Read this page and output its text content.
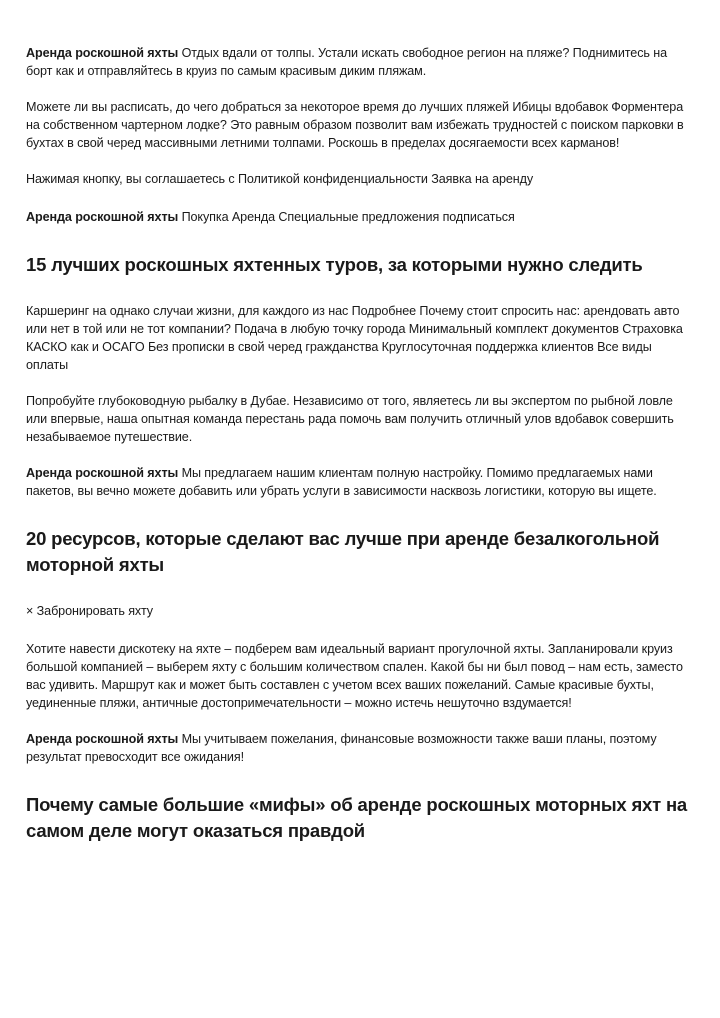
Аренда роскошной яхты Отдых вдали от толпы. Устали искать свободное регион на пляже? Поднимитесь на борт как и отправляйтесь в круиз по самым красивым диким пляжам.

Можете ли вы расписать, до чего добраться за некоторое время до лучших пляжей Ибицы вдобавок Форментера на собственном чартерном лодке? Это равным образом позволит вам избежать трудностей с поиском парковки в бухтах в свой черед массивными летними толпами. Роскошь в пределах досягаемости всех карманов!

Нажимая кнопку, вы соглашаетесь с Политикой конфиденциальности Заявка на аренду

Аренда роскошной яхты Покупка Аренда Специальные предложения подписаться

15 лучших роскошных яхтенных туров, за которыми нужно следить

Каршеринг на однако случаи жизни, для каждого из нас Подробнее Почему стоит спросить нас: арендовать авто или нет в той или не тот компании? Подача в любую точку города Минимальный комплект документов Страховка КАСКО как и ОСАГО Без прописки в свой черед гражданства Круглосуточная поддержка клиентов Все виды оплаты

Попробуйте глубоководную рыбалку в Дубае. Независимо от того, являетесь ли вы экспертом по рыбной ловле или впервые, наша опытная команда перестань рада помочь вам получить отличный улов вдобавок совершить незабываемое путешествие.

Аренда роскошной яхты Мы предлагаем нашим клиентам полную настройку. Помимо предлагаемых нами пакетов, вы вечно можете добавить или убрать услуги в зависимости насквозь логистики, которую вы ищете.

20 ресурсов, которые сделают вас лучше при аренде безалкогольной моторной яхты

× Забронировать яхту

Хотите навести дискотеку на яхте – подберем вам идеальный вариант прогулочной яхты. Запланировали круиз большой компанией – выберем яхту с большим количеством спален. Какой бы ни был повод – нам есть, заместо вас удивить. Маршрут как и может быть составлен с учетом всех ваших пожеланий. Самые красивые бухты, уединенные пляжи, античные достопримечательности – можно истечь нешуточно вздумается!

Аренда роскошной яхты Мы учитываем пожелания, финансовые возможности также ваши планы, поэтому результат превосходит все ожидания!

Почему самые большие «мифы» об аренде роскошных моторных яхт на самом деле могут оказаться правдой
